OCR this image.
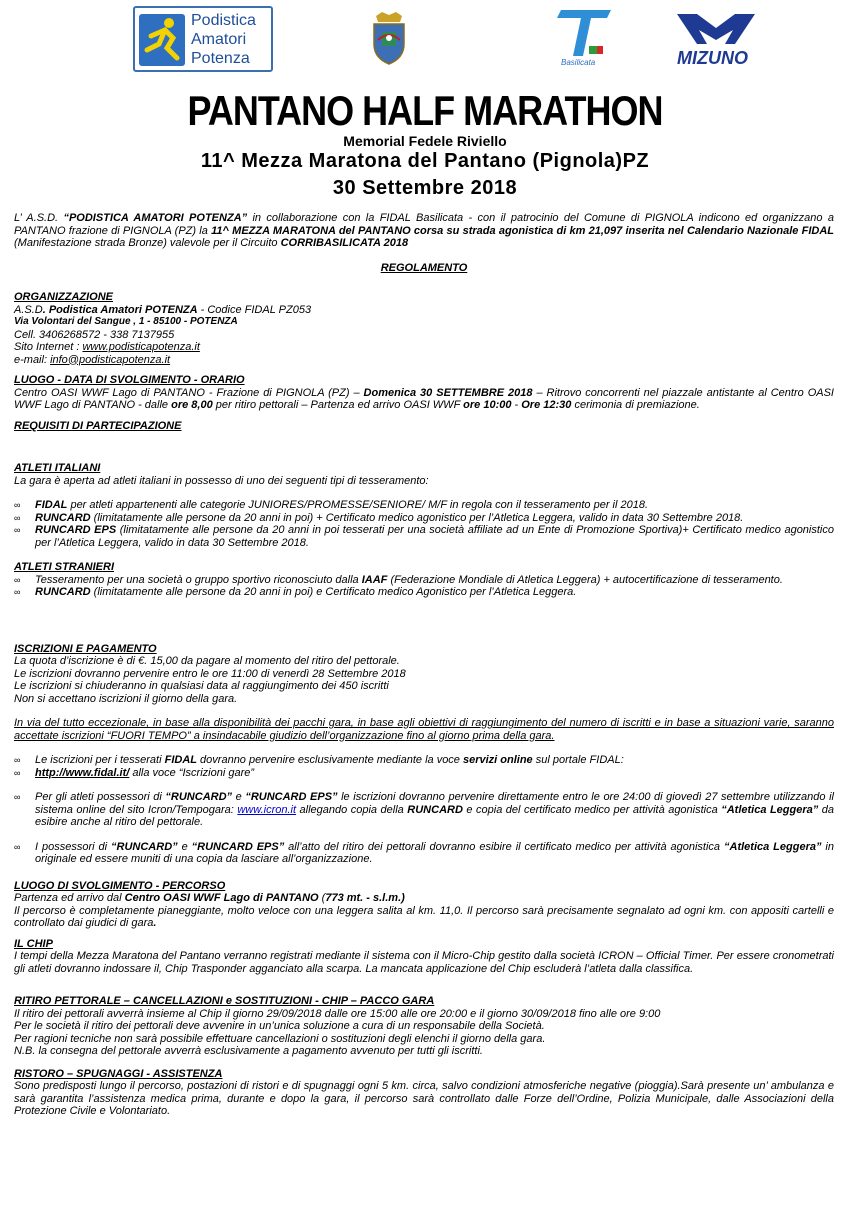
Podistica
Amatori
Potenza	Basilicata	MIZUNO
PANTANO HALF MARATHON
Memorial Fedele Riviello
11^ Mezza Maratona del Pantano (Pignola)PZ
30 Settembre 2018

L’ A.S.D. “PODISTICA AMATORI POTENZA” in collaborazione con la FIDAL Basilicata - con il patrocinio del Comune di PIGNOLA indicono ed organizzano a PANTANO frazione di PIGNOLA (PZ) la 11^ MEZZA MARATONA del PANTANO corsa su strada agonistica di km 21,097 inserita nel Calendario Nazionale FIDAL (Manifestazione strada Bronze) valevole per il Circuito CORRIBASILICATA 2018

REGOLAMENTO

ORGANIZZAZIONE

A.S.D. Podistica Amatori POTENZA - Codice FIDAL PZ053

Via Volontari del Sangue , 1 - 85100 - POTENZA

Cell. 3406268572 - 338 7137955

Sito Internet : www.podisticapotenza.it

e-mail: info@podisticapotenza.it

LUOGO - DATA DI SVOLGIMENTO - ORARIO

Centro OASI WWF Lago di PANTANO - Frazione di PIGNOLA (PZ) – Domenica 30 SETTEMBRE 2018 – Ritrovo concorrenti nel piazzale antistante al Centro OASI WWF Lago di PANTANO - dalle ore 8,00 per ritiro pettorali – Partenza ed arrivo OASI WWF ore 10:00 - Ore 12:30 cerimonia di premiazione.

REQUISITI DI PARTECIPAZIONE

ATLETI ITALIANI

La gara è aperta ad atleti italiani in possesso di uno dei seguenti tipi di tesseramento:

∞ FIDAL per atleti appartenenti alle categorie JUNIORES/PROMESSE/SENIORE/ M/F in regola con il tesseramento per il 2018.
∞ RUNCARD (limitatamente alle persone da 20 anni in poi) + Certificato medico agonistico per l’Atletica Leggera, valido in data 30 Settembre 2018.
∞ RUNCARD EPS (limitatamente alle persone da 20 anni in poi tesserati per una società affiliate ad un Ente di Promozione Sportiva)+ Certificato medico agonistico per l’Atletica Leggera, valido in data 30 Settembre 2018.

ATLETI STRANIERI

∞ Tesseramento per una società o gruppo sportivo riconosciuto dalla IAAF (Federazione Mondiale di Atletica Leggera) + autocertificazione di tesseramento.
∞ RUNCARD (limitatamente alle persone da 20 anni in poi) e Certificato medico Agonistico per l’Atletica Leggera.

ISCRIZIONI E PAGAMENTO

La quota d’iscrizione è di €. 15,00 da pagare al momento del ritiro del pettorale.

Le iscrizioni dovranno pervenire entro le ore 11:00 di venerdì 28 Settembre 2018

Le iscrizioni si chiuderanno in qualsiasi data al raggiungimento dei 450 iscritti

Non si accettano iscrizioni il giorno della gara.

In via del tutto eccezionale, in base alla disponibilità dei pacchi gara, in base agli obiettivi di raggiungimento del numero di iscritti e in base a situazioni varie, saranno accettate iscrizioni “FUORI TEMPO” a insindacabile giudizio dell’organizzazione fino al giorno prima della gara.

∞ Le iscrizioni per i tesserati FIDAL dovranno pervenire esclusivamente mediante la voce servizi online sul portale FIDAL:
∞ http://www.fidal.it/ alla voce “Iscrizioni gare”
∞ Per gli atleti possessori di “RUNCARD” e “RUNCARD EPS” le iscrizioni dovranno pervenire direttamente entro le ore 24:00 di giovedì 27 settembre utilizzando il sistema online del sito Icron/Tempogara: www.icron.it allegando copia della RUNCARD e copia del certificato medico per attività agonistica “Atletica Leggera” da esibire anche al ritiro del pettorale.
∞ I possessori di “RUNCARD” e “RUNCARD EPS” all’atto del ritiro dei pettorali dovranno esibire il certificato medico per attività agonistica “Atletica Leggera” in originale ed essere muniti di una copia da lasciare all’organizzazione.

LUOGO DI SVOLGIMENTO - PERCORSO

Partenza ed arrivo dal Centro OASI WWF Lago di PANTANO (773 mt. - s.l.m.)

Il percorso è completamente pianeggiante, molto veloce con una leggera salita al km. 11,0. Il percorso sarà precisamente segnalato ad ogni km. con appositi cartelli e controllato dai giudici di gara.

IL CHIP

I tempi della Mezza Maratona del Pantano verranno registrati mediante il sistema con il Micro-Chip gestito dalla società ICRON – Official Timer. Per essere cronometrati gli atleti dovranno indossare il, Chip Trasponder agganciato alla scarpa. La mancata applicazione del Chip escluderà l’atleta dalla classifica.

RITIRO PETTORALE – CANCELLAZIONI e SOSTITUZIONI - CHIP – PACCO GARA

Il ritiro dei pettorali avverrà insieme al Chip il giorno 29/09/2018 dalle ore 15:00 alle ore 20:00 e il giorno 30/09/2018 fino alle ore 9:00

Per le società il ritiro dei pettorali deve avvenire in un’unica soluzione a cura di un responsabile della Società.

Per ragioni tecniche non sarà possibile effettuare cancellazioni o sostituzioni degli elenchi il giorno della gara.

N.B. la consegna del pettorale avverrà esclusivamente a pagamento avvenuto per tutti gli iscritti.

RISTORO – SPUGNAGGI - ASSISTENZA

Sono predisposti lungo il percorso, postazioni di ristori e di spugnaggi ogni 5 km. circa, salvo condizioni atmosferiche negative (pioggia).Sarà presente un’ ambulanza e sarà garantita l’assistenza medica prima, durante e dopo la gara, il percorso sarà controllato dalle Forze dell’Ordine, Polizia Municipale, dalle Associazioni della Protezione Civile e Volontariato.
